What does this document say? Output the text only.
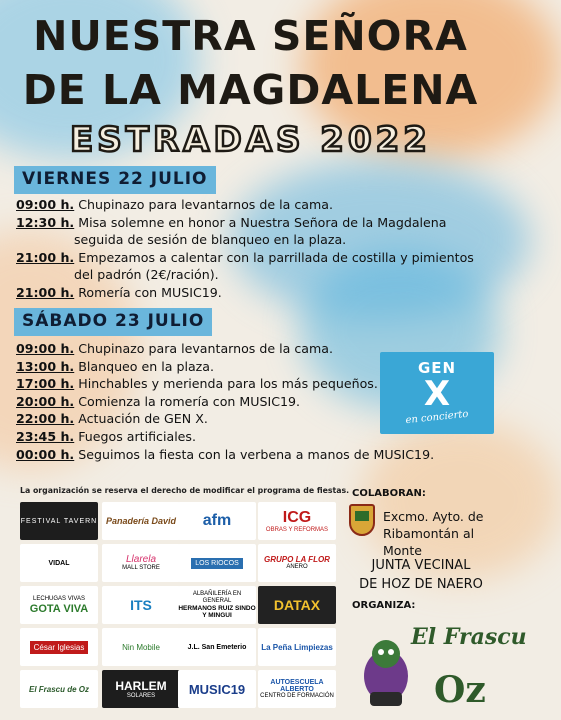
NUESTRA SEÑORA
DE LA MAGDALENA
ESTRADAS 2022
VIERNES 22 JULIO
09:00 h. Chupinazo para levantarnos de la cama.
12:30 h. Misa solemne en honor a Nuestra Señora de la Magdalena
seguida de sesión de blanqueo en la plaza.
21:00 h. Empezamos a calentar con la parrillada de costilla y pimientos
del padrón (2€/ración).
21:00 h. Romería con MUSIC19.
SÁBADO 23 JULIO
09:00 h. Chupinazo para levantarnos de la cama.
13:00 h. Blanqueo en la plaza.
17:00 h. Hinchables y merienda para los más pequeños.
20:00 h. Comienza la romería con MUSIC19.
22:00 h. Actuación de GEN X.
23:45 h. Fuegos artificiales.
00:00 h. Seguimos la fiesta con la verbena a manos de MUSIC19.
GEN
X
en concierto
La organización se reserva el derecho de modificar el programa de fiestas.
FESTIVAL TAVERN Panadería David afm	ICG
OBRAS Y REFORMAS
VIDAL	Llarela
MALL STORE
LOS RIOCOS	GRUPO LA FLOR
ANERO
LECHUGAS VIVAS
GOTA VIVA	ITS
ALBAÑILERÍA EN GENERAL
HERMANOS RUIZ SINDO Y MINGUI
DATAX
César Iglesias	Nin Mobile	J.L. San Emeterio La Peña Limpiezas
El Frascu de Oz HARLEM
SOLARES	MUSIC19	AUTOESCUELA ALBERTO
CENTRO DE FORMACIÓN
COLABORAN:
Excmo. Ayto. de
Ribamontán al Monte
JUNTA VECINAL
DE HOZ DE NAERO
ORGANIZA:
El Frascu
Oz
